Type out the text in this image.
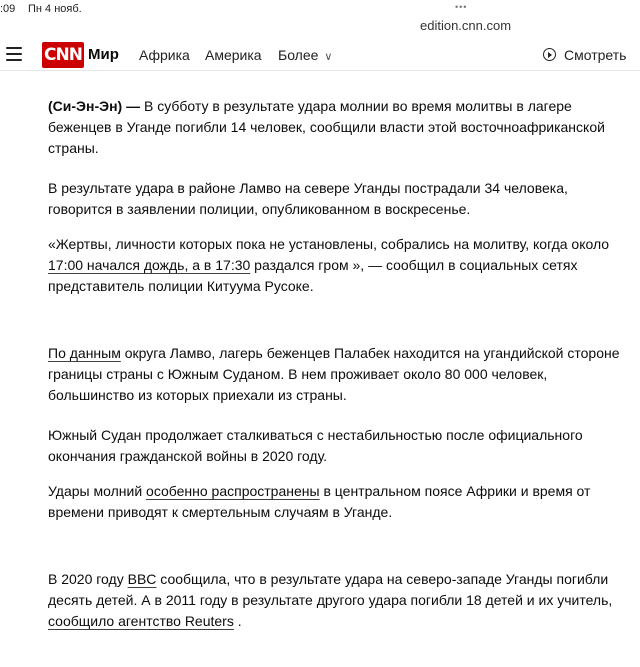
:09 Пн 4 нояб.	•••
edition.cnn.com
CNN Мир Африка Америка Более ∨	Смотреть

(Си-Эн-Эн) — В субботу в результате удара молнии во время молитвы в лагере беженцев в Уганде погибли 14 человек, сообщили власти этой восточноафриканской страны.

В результате удара в районе Ламво на севере Уганды пострадали 34 человека, говорится в заявлении полиции, опубликованном в воскресенье.

«Жертвы, личности которых пока не установлены, собрались на молитву, когда около 17:00 начался дождь, а в 17:30 раздался гром », — сообщил в социальных сетях представитель полиции Китуума Русоке.

По данным округа Ламво, лагерь беженцев Палабек находится на угандийской стороне границы страны с Южным Суданом. В нем проживает около 80 000 человек, большинство из которых приехали из страны.

Южный Судан продолжает сталкиваться с нестабильностью после официального окончания гражданской войны в 2020 году.

Удары молний особенно распространены в центральном поясе Африки и время от времени приводят к смертельным случаям в Уганде.

В 2020 году BBC сообщила, что в результате удара на северо-западе Уганды погибли десять детей. А в 2011 году в результате другого удара погибли 18 детей и их учитель, сообщило агентство Reuters .
